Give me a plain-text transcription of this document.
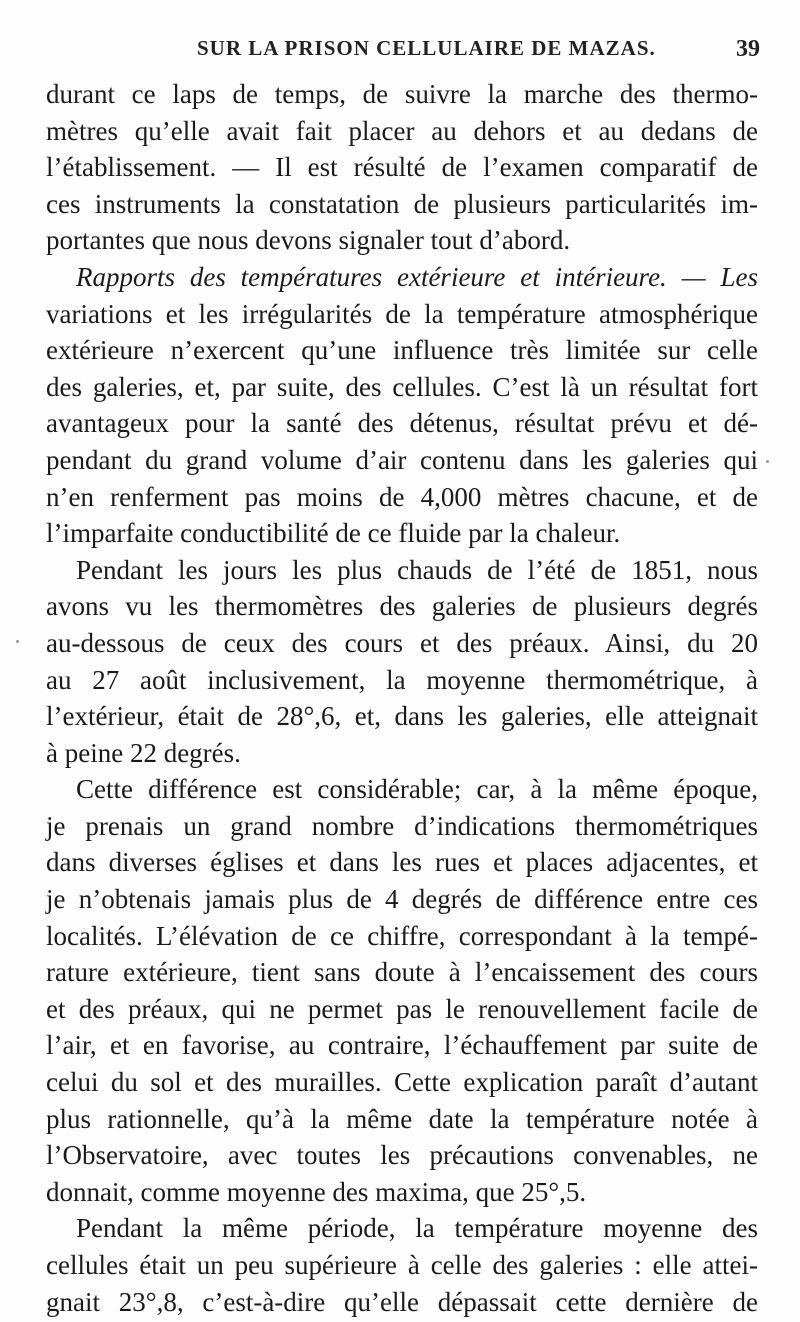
SUR LA PRISON CELLULAIRE DE MAZAS.	39
durant ce laps de temps, de suivre la marche des thermo-
mètres qu’elle avait fait placer au dehors et au dedans de
l’établissement. — Il est résulté de l’examen comparatif de
ces instruments la constatation de plusieurs particularités im-
portantes que nous devons signaler tout d’abord.
Rapports des températures extérieure et intérieure. — Les
variations et les irrégularités de la température atmosphérique
extérieure n’exercent qu’une influence très limitée sur celle
des galeries, et, par suite, des cellules. C’est là un résultat fort
avantageux pour la santé des détenus, résultat prévu et dé-
pendant du grand volume d’air contenu dans les galeries qui
n’en renferment pas moins de 4,000 mètres chacune, et de
l’imparfaite conductibilité de ce fluide par la chaleur.
Pendant les jours les plus chauds de l’été de 1851, nous
avons vu les thermomètres des galeries de plusieurs degrés
au-dessous de ceux des cours et des préaux. Ainsi, du 20
au 27 août inclusivement, la moyenne thermométrique, à
l’extérieur, était de 28°,6, et, dans les galeries, elle atteignait
à peine 22 degrés.
Cette différence est considérable; car, à la même époque,
je prenais un grand nombre d’indications thermométriques
dans diverses églises et dans les rues et places adjacentes, et
je n’obtenais jamais plus de 4 degrés de différence entre ces
localités. L’élévation de ce chiffre, correspondant à la tempé-
rature extérieure, tient sans doute à l’encaissement des cours
et des préaux, qui ne permet pas le renouvellement facile de
l’air, et en favorise, au contraire, l’échauffement par suite de
celui du sol et des murailles. Cette explication paraît d’autant
plus rationnelle, qu’à la même date la température notée à
l’Observatoire, avec toutes les précautions convenables, ne
donnait, comme moyenne des maxima, que 25°,5.
Pendant la même période, la température moyenne des
cellules était un peu supérieure à celle des galeries : elle attei-
gnait 23°,8, c’est-à-dire qu’elle dépassait cette dernière de
